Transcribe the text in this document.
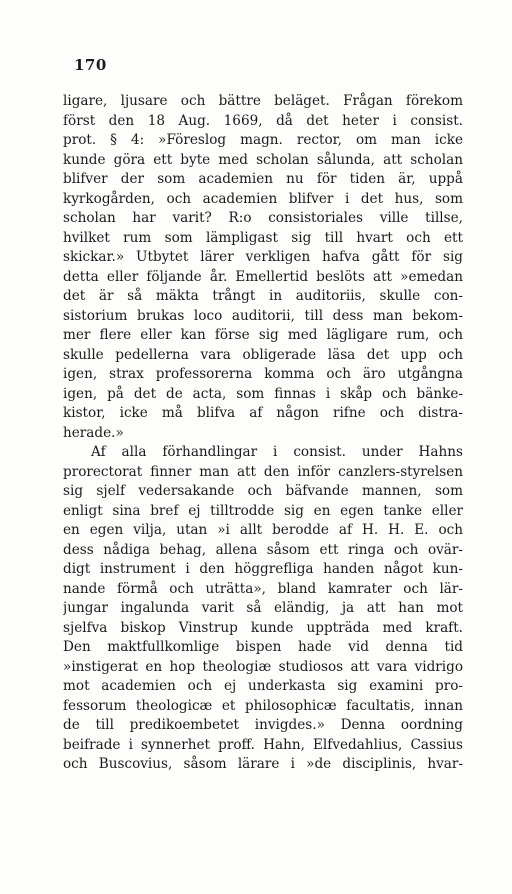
170
ligare, ljusare och bättre beläget. Frågan förekom
först den 18 Aug. 1669, då det heter i consist.
prot. § 4: »Föreslog magn. rector, om man icke
kunde göra ett byte med scholan sålunda, att scholan
blifver der som academien nu för tiden är, uppå
kyrkogården, och academien blifver i det hus, som
scholan har varit? R:o consistoriales ville tillse,
hvilket rum som lämpligast sig till hvart och ett
skickar.» Utbytet lärer verkligen hafva gått för sig
detta eller följande år. Emellertid beslöts att »emedan
det är så mäkta trångt in auditoriis, skulle con-
sistorium brukas loco auditorii, till dess man bekom-
mer flere eller kan förse sig med lägligare rum, och
skulle pedellerna vara obligerade läsa det upp och
igen, strax professorerna komma och äro utgångna
igen, på det de acta, som finnas i skåp och bänke-
kistor, icke må blifva af någon rifne och distra-
herade.»
Af alla förhandlingar i consist. under Hahns
prorectorat finner man att den inför canzlers-styrelsen
sig sjelf vedersakande och bäfvande mannen, som
enligt sina bref ej tilltrodde sig en egen tanke eller
en egen vilja, utan »i allt berodde af H. H. E. och
dess nådiga behag, allena såsom ett ringa och ovär-
digt instrument i den höggrefliga handen något kun-
nande förmå och uträtta», bland kamrater och lär-
jungar ingalunda varit så eländig, ja att han mot
sjelfva biskop Vinstrup kunde uppträda med kraft.
Den maktfullkomlige bispen hade vid denna tid
»instigerat en hop theologiæ studiosos att vara vidrigo
mot academien och ej underkasta sig examini pro-
fessorum theologicæ et philosophicæ facultatis, innan
de till predikoembetet invigdes.» Denna oordning
beifrade i synnerhet proff. Hahn, Elfvedahlius, Cassius
och Buscovius, såsom lärare i »de disciplinis, hvar-
